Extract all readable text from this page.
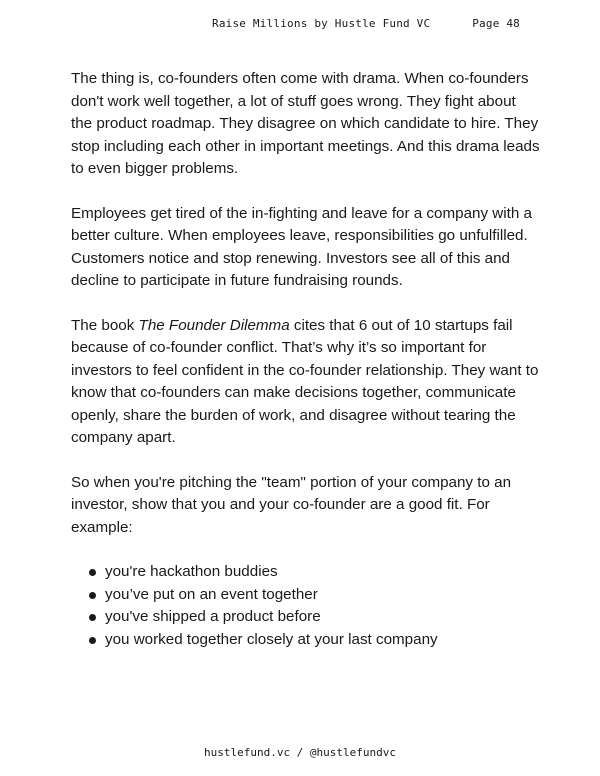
Raise Millions by Hustle Fund VC	Page 48

The thing is, co-founders often come with drama. When co-founders don't work well together, a lot of stuff goes wrong. They fight about the product roadmap. They disagree on which candidate to hire. They stop including each other in important meetings. And this drama leads to even bigger problems.

Employees get tired of the in-fighting and leave for a company with a better culture. When employees leave, responsibilities go unfulfilled. Customers notice and stop renewing. Investors see all of this and decline to participate in future fundraising rounds.

The book The Founder Dilemma cites that 6 out of 10 startups fail because of co-founder conflict. That’s why it’s so important for investors to feel confident in the co-founder relationship. They want to know that co-founders can make decisions together, communicate openly, share the burden of work, and disagree without tearing the company apart.

So when you're pitching the "team" portion of your company to an investor, show that you and your co-founder are a good fit. For example:

you're hackathon buddies
you’ve put on an event together
you've shipped a product before
you worked together closely at your last company
hustlefund.vc / @hustlefundvc
